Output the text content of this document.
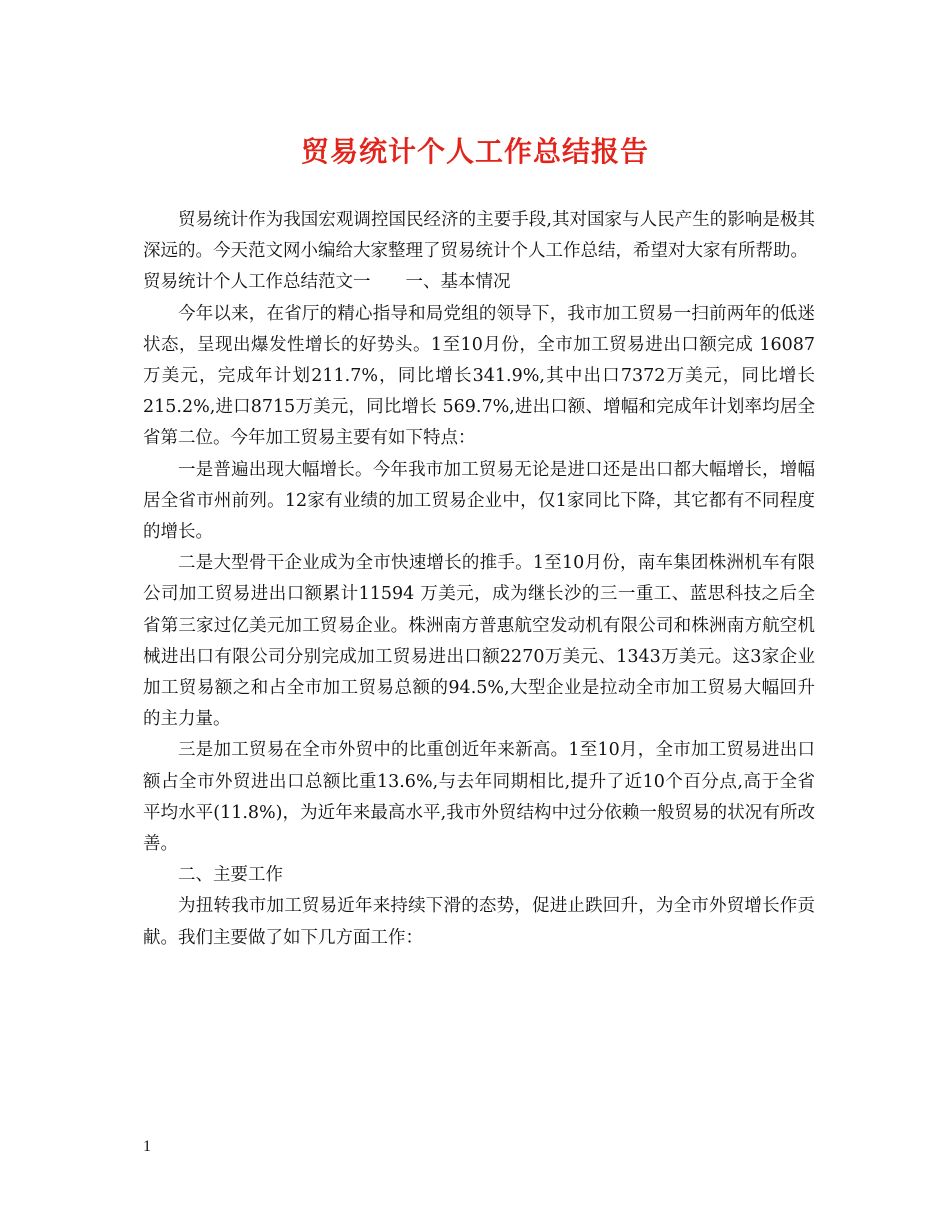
贸易统计个人工作总结报告

贸易统计作为我国宏观调控国民经济的主要手段,其对国家与人民产生的影响是极其深远的。今天范文网小编给大家整理了贸易统计个人工作总结，希望对大家有所帮助。

贸易统计个人工作总结范文一　　一、基本情况

今年以来，在省厅的精心指导和局党组的领导下，我市加工贸易一扫前两年的低迷状态，呈现出爆发性增长的好势头。1至10月份，全市加工贸易进出口额完成 16087万美元，完成年计划211.7%，同比增长341.9%,其中出口7372万美元，同比增长215.2%,进口8715万美元，同比增长 569.7%,进出口额、增幅和完成年计划率均居全省第二位。今年加工贸易主要有如下特点：

一是普遍出现大幅增长。今年我市加工贸易无论是进口还是出口都大幅增长，增幅居全省市州前列。12家有业绩的加工贸易企业中，仅1家同比下降，其它都有不同程度的增长。

二是大型骨干企业成为全市快速增长的推手。1至10月份，南车集团株洲机车有限公司加工贸易进出口额累计11594 万美元，成为继长沙的三一重工、蓝思科技之后全省第三家过亿美元加工贸易企业。株洲南方普惠航空发动机有限公司和株洲南方航空机械进出口有限公司分别完成加工贸易进出口额2270万美元、1343万美元。这3家企业加工贸易额之和占全市加工贸易总额的94.5%,大型企业是拉动全市加工贸易大幅回升的主力量。

三是加工贸易在全市外贸中的比重创近年来新高。1至10月，全市加工贸易进出口额占全市外贸进出口总额比重13.6%,与去年同期相比,提升了近10个百分点,高于全省平均水平(11.8%)，为近年来最高水平,我市外贸结构中过分依赖一般贸易的状况有所改善。

二、主要工作

为扭转我市加工贸易近年来持续下滑的态势，促进止跌回升，为全市外贸增长作贡献。我们主要做了如下几方面工作：

1
